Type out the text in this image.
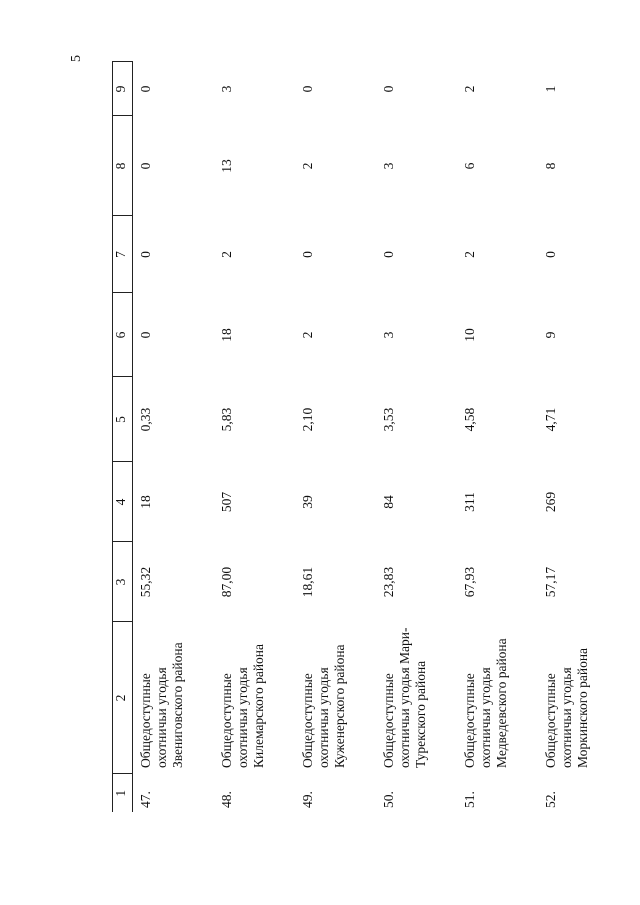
5
1	2	3	4	5	6	7	8	9
47.	Общедоступные охотничьи угодья Звениговского района	55,32	18	0,33	0	0	0	0
48.	Общедоступные охотничьи угодья Килемарского района	87,00	507	5,83	18	2	13	3
49.	Общедоступные охотничьи угодья Куженерского района	18,61	39	2,10	2	0	2	0
50.	Общедоступные охотничьи угодья Мари-Турекского района	23,83	84	3,53	3	0	3	0
51.	Общедоступные охотничьи угодья Медведевского района	67,93	311	4,58	10	2	6	2
52.	Общедоступные охотничьи угодья Моркинского района	57,17	269	4,71	9	0	8	1
